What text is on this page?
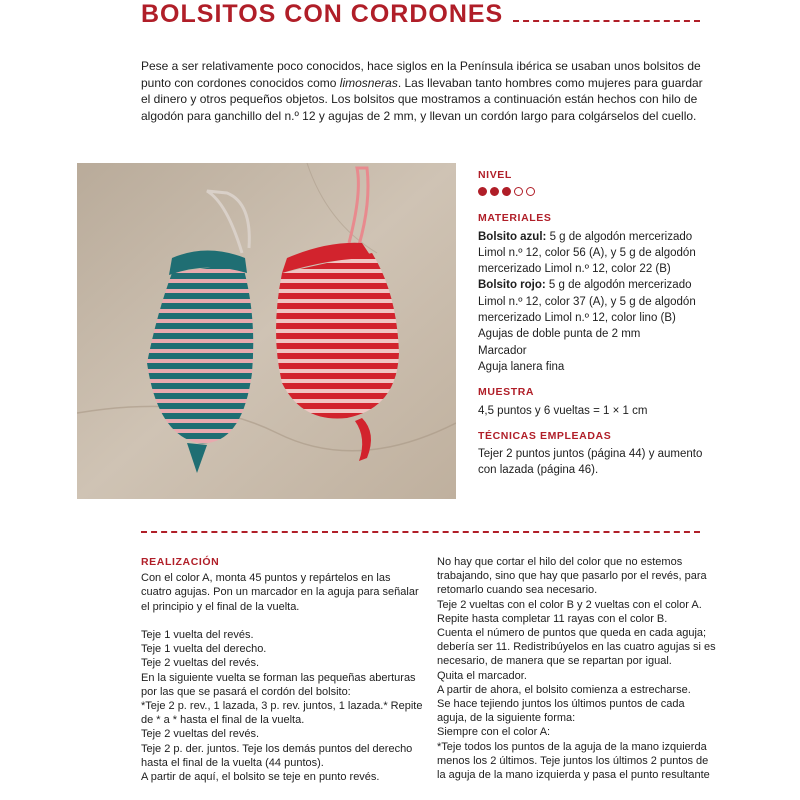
BOLSITOS CON CORDONES

Pese a ser relativamente poco conocidos, hace siglos en la Península ibérica se usaban unos bolsitos de punto con cordones conocidos como limosneras. Las llevaban tanto hombres como mujeres para guardar el dinero y otros pequeños objetos. Los bolsitos que mostramos a continuación están hechos con hilo de algodón para ganchillo del n.º 12 y agujas de 2 mm, y llevan un cordón largo para colgárselos del cuello.

NIVEL
MATERIALES

Bolsito azul: 5 g de algodón mercerizado Limol n.º 12, color 56 (A), y 5 g de algodón mercerizado Limol n.º 12, color 22 (B)

Bolsito rojo: 5 g de algodón mercerizado Limol n.º 12, color 37 (A), y 5 g de algodón mercerizado Limol n.º 12, color lino (B)

Agujas de doble punta de 2 mm

Marcador

Aguja lanera fina

MUESTRA

4,5 puntos y 6 vueltas = 1 × 1 cm

TÉCNICAS EMPLEADAS

Tejer 2 puntos juntos (página 44) y aumento con lazada (página 46).

REALIZACIÓN

Con el color A, monta 45 puntos y repártelos en las

cuatro agujas. Pon un marcador en la aguja para señalar

el principio y el final de la vuelta.

Teje 1 vuelta del revés.

Teje 1 vuelta del derecho.

Teje 2 vueltas del revés.

En la siguiente vuelta se forman las pequeñas aberturas

por las que se pasará el cordón del bolsito:

*Teje 2 p. rev., 1 lazada, 3 p. rev. juntos, 1 lazada.* Repite

de * a * hasta el final de la vuelta.

Teje 2 vueltas del revés.

Teje 2 p. der. juntos. Teje los demás puntos del derecho

hasta el final de la vuelta (44 puntos).

A partir de aquí, el bolsito se teje en punto revés.

No hay que cortar el hilo del color que no estemos

trabajando, sino que hay que pasarlo por el revés, para

retomarlo cuando sea necesario.

Teje 2 vueltas con el color B y 2 vueltas con el color A.

Repite hasta completar 11 rayas con el color B.

Cuenta el número de puntos que queda en cada aguja;

debería ser 11. Redistribúyelos en las cuatro agujas si es

necesario, de manera que se repartan por igual.

Quita el marcador.

A partir de ahora, el bolsito comienza a estrecharse.

Se hace tejiendo juntos los últimos puntos de cada

aguja, de la siguiente forma:

Siempre con el color A:

*Teje todos los puntos de la aguja de la mano izquierda

menos los 2 últimos. Teje juntos los últimos 2 puntos de

la aguja de la mano izquierda y pasa el punto resultante
